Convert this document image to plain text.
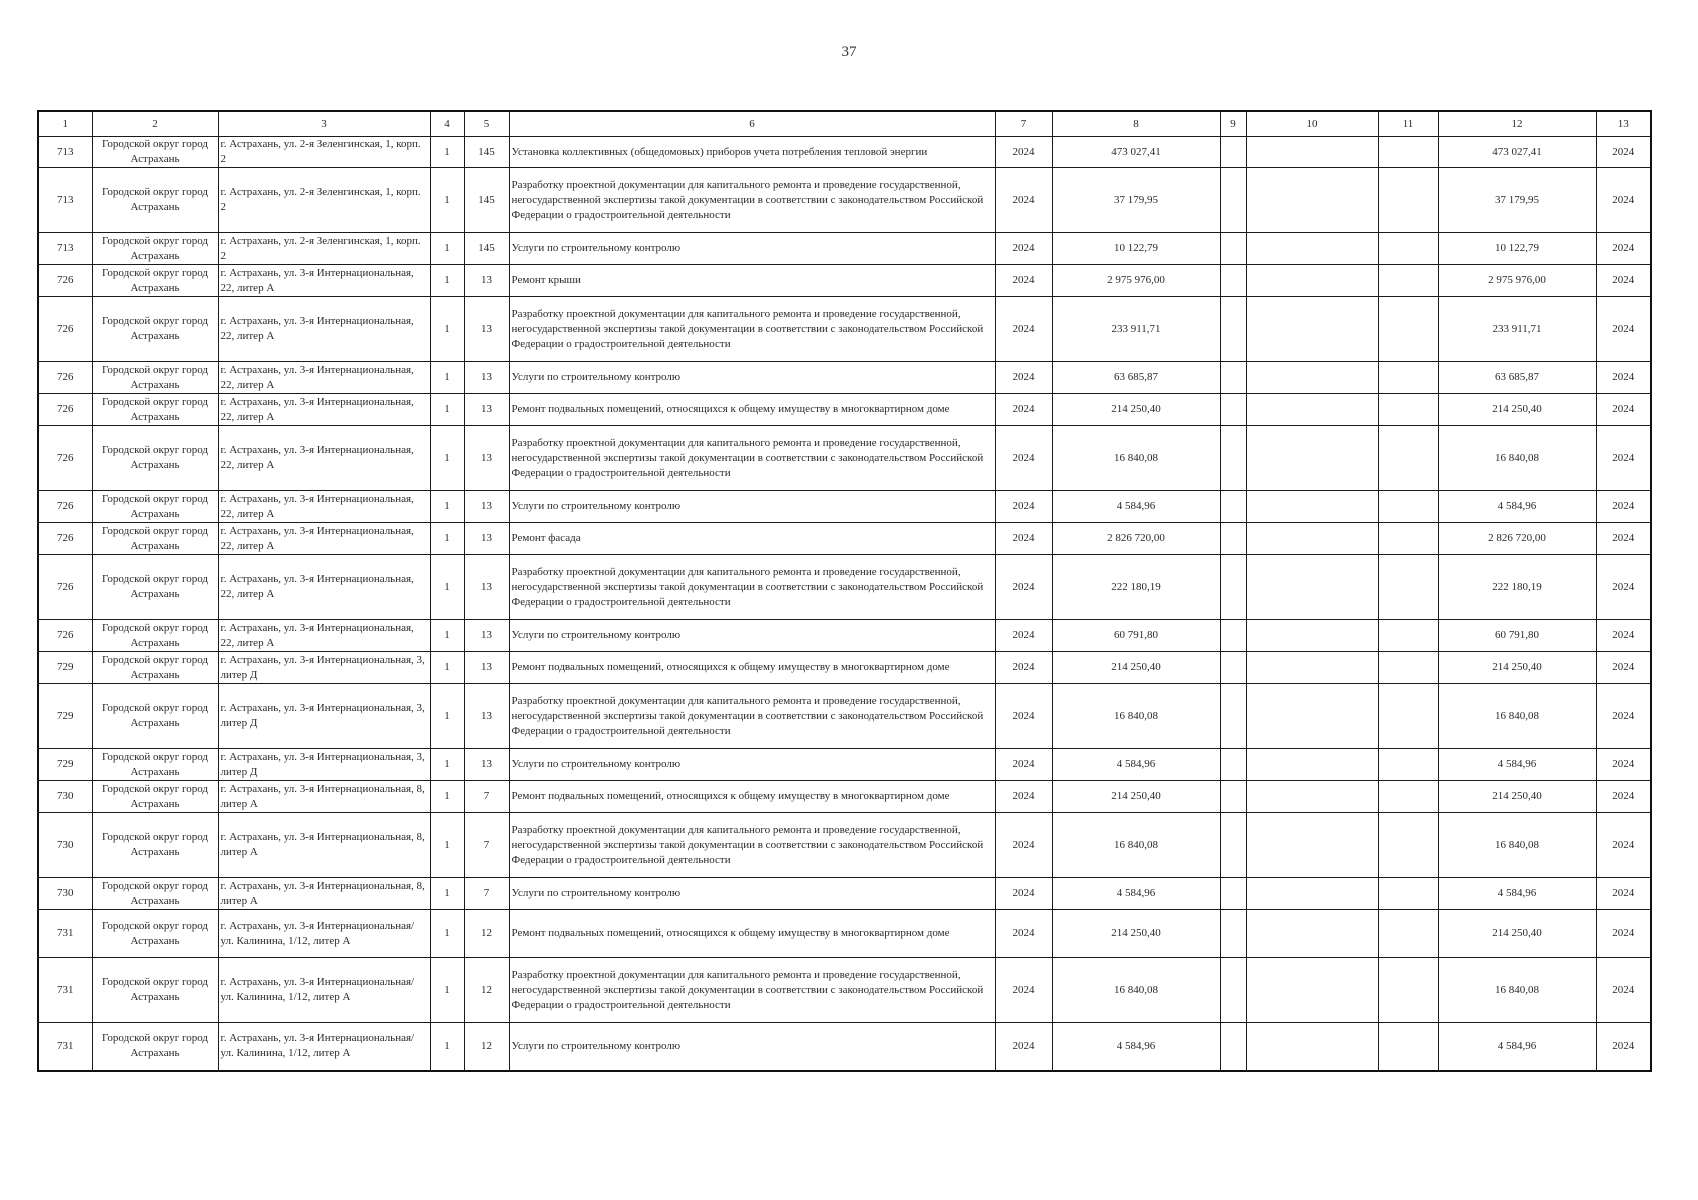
37
1	2	3	4	5	6	7	8	9	10	11	12	13
713	Городской округ город Астрахань	г. Астрахань, ул. 2-я Зеленгинская, 1, корп. 2	1	145	Установка коллективных (общедомовых) приборов учета потребления тепловой энергии	2024	473 027,41				473 027,41	2024
713	Городской округ город Астрахань	г. Астрахань, ул. 2-я Зеленгинская, 1, корп. 2	1	145	Разработку проектной документации для капитального ремонта и проведение государственной, негосударственной экспертизы такой документации в соответствии с законодательством Российской Федерации о градостроительной деятельности	2024	37 179,95				37 179,95	2024
713	Городской округ город Астрахань	г. Астрахань, ул. 2-я Зеленгинская, 1, корп. 2	1	145	Услуги по строительному контролю	2024	10 122,79				10 122,79	2024
726	Городской округ город Астрахань	г. Астрахань, ул. 3-я Интернациональная, 22, литер А	1	13	Ремонт крыши	2024	2 975 976,00				2 975 976,00	2024
726	Городской округ город Астрахань	г. Астрахань, ул. 3-я Интернациональная, 22, литер А	1	13	Разработку проектной документации для капитального ремонта и проведение государственной, негосударственной экспертизы такой документации в соответствии с законодательством Российской Федерации о градостроительной деятельности	2024	233 911,71				233 911,71	2024
726	Городской округ город Астрахань	г. Астрахань, ул. 3-я Интернациональная, 22, литер А	1	13	Услуги по строительному контролю	2024	63 685,87				63 685,87	2024
726	Городской округ город Астрахань	г. Астрахань, ул. 3-я Интернациональная, 22, литер А	1	13	Ремонт подвальных помещений, относящихся к общему имуществу в многоквартирном доме	2024	214 250,40				214 250,40	2024
726	Городской округ город Астрахань	г. Астрахань, ул. 3-я Интернациональная, 22, литер А	1	13	Разработку проектной документации для капитального ремонта и проведение государственной, негосударственной экспертизы такой документации в соответствии с законодательством Российской Федерации о градостроительной деятельности	2024	16 840,08				16 840,08	2024
726	Городской округ город Астрахань	г. Астрахань, ул. 3-я Интернациональная, 22, литер А	1	13	Услуги по строительному контролю	2024	4 584,96				4 584,96	2024
726	Городской округ город Астрахань	г. Астрахань, ул. 3-я Интернациональная, 22, литер А	1	13	Ремонт фасада	2024	2 826 720,00				2 826 720,00	2024
726	Городской округ город Астрахань	г. Астрахань, ул. 3-я Интернациональная, 22, литер А	1	13	Разработку проектной документации для капитального ремонта и проведение государственной, негосударственной экспертизы такой документации в соответствии с законодательством Российской Федерации о градостроительной деятельности	2024	222 180,19				222 180,19	2024
726	Городской округ город Астрахань	г. Астрахань, ул. 3-я Интернациональная, 22, литер А	1	13	Услуги по строительному контролю	2024	60 791,80				60 791,80	2024
729	Городской округ город Астрахань	г. Астрахань, ул. 3-я Интернациональная, 3, литер Д	1	13	Ремонт подвальных помещений, относящихся к общему имуществу в многоквартирном доме	2024	214 250,40				214 250,40	2024
729	Городской округ город Астрахань	г. Астрахань, ул. 3-я Интернациональная, 3, литер Д	1	13	Разработку проектной документации для капитального ремонта и проведение государственной, негосударственной экспертизы такой документации в соответствии с законодательством Российской Федерации о градостроительной деятельности	2024	16 840,08				16 840,08	2024
729	Городской округ город Астрахань	г. Астрахань, ул. 3-я Интернациональная, 3, литер Д	1	13	Услуги по строительному контролю	2024	4 584,96				4 584,96	2024
730	Городской округ город Астрахань	г. Астрахань, ул. 3-я Интернациональная, 8, литер А	1	7	Ремонт подвальных помещений, относящихся к общему имуществу в многоквартирном доме	2024	214 250,40				214 250,40	2024
730	Городской округ город Астрахань	г. Астрахань, ул. 3-я Интернациональная, 8, литер А	1	7	Разработку проектной документации для капитального ремонта и проведение государственной, негосударственной экспертизы такой документации в соответствии с законодательством Российской Федерации о градостроительной деятельности	2024	16 840,08				16 840,08	2024
730	Городской округ город Астрахань	г. Астрахань, ул. 3-я Интернациональная, 8, литер А	1	7	Услуги по строительному контролю	2024	4 584,96				4 584,96	2024
731	Городской округ город Астрахань	г. Астрахань, ул. 3-я Интернациональная/ ул. Калинина, 1/12, литер А	1	12	Ремонт подвальных помещений, относящихся к общему имуществу в многоквартирном доме	2024	214 250,40				214 250,40	2024
731	Городской округ город Астрахань	г. Астрахань, ул. 3-я Интернациональная/ ул. Калинина, 1/12, литер А	1	12	Разработку проектной документации для капитального ремонта и проведение государственной, негосударственной экспертизы такой документации в соответствии с законодательством Российской Федерации о градостроительной деятельности	2024	16 840,08				16 840,08	2024
731	Городской округ город Астрахань	г. Астрахань, ул. 3-я Интернациональная/ ул. Калинина, 1/12, литер А	1	12	Услуги по строительному контролю	2024	4 584,96				4 584,96	2024
